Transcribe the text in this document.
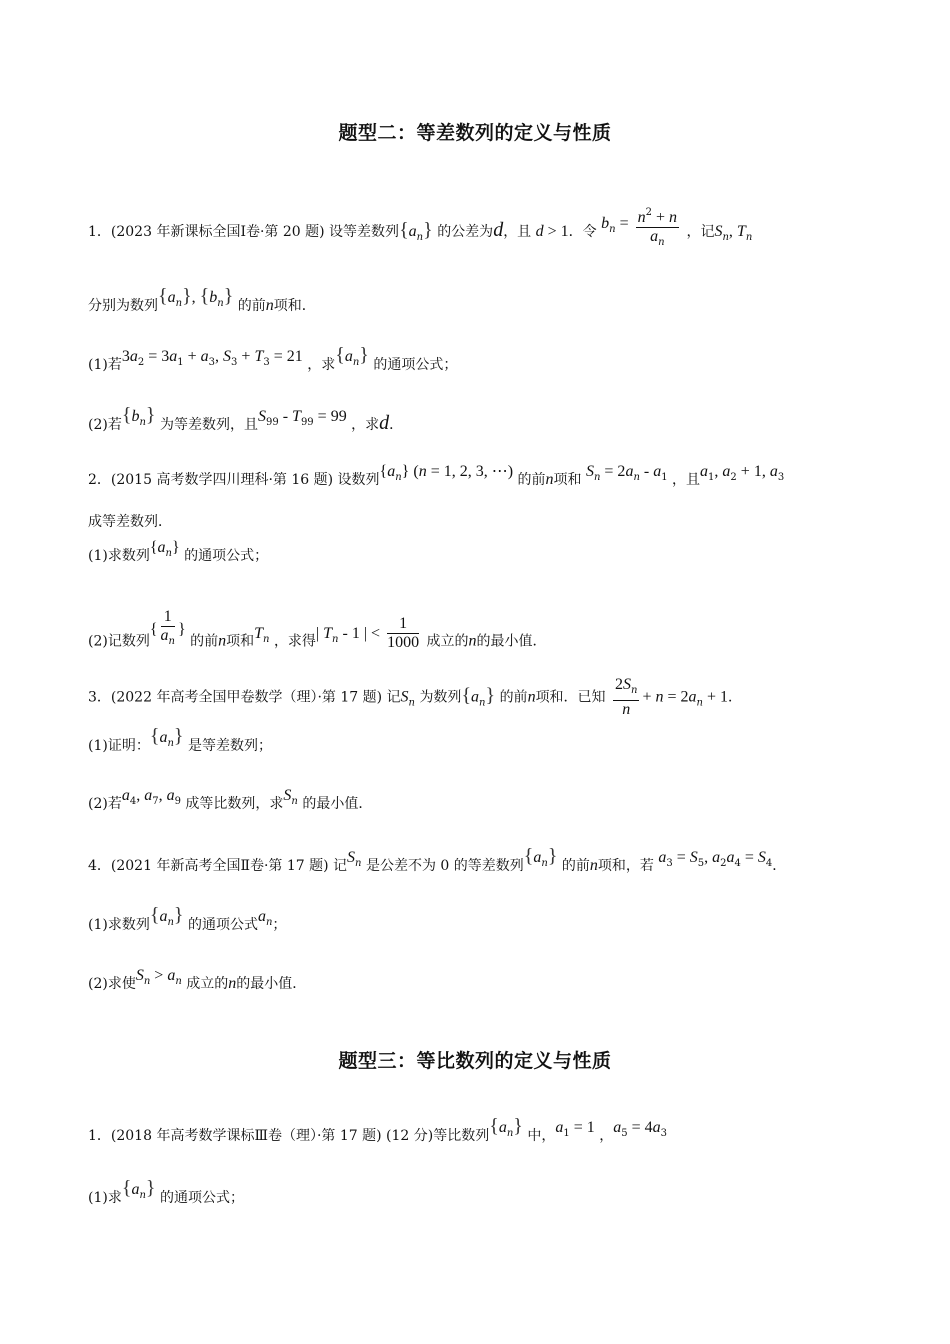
题型二：等差数列的定义与性质
1．(2023 年新课标全国Ⅰ卷·第 20 题) 设等差数列$\{a_n\}$ 的公差为d，且 d > 1．令 $b_n = \frac{n^2 + n}{a_n}$ ，记$S_n$, $T_n$
分别为数列$\{a_n\}$, $\{b_n\}$ 的前n项和．
(1)若$3a_2 = 3a_1 + a_3$, $S_3 + T_3 = 21$ ，求$\{a_n\}$ 的通项公式；
(2)若$\{b_n\}$ 为等差数列，且$S_{99} - T_{99} = 99$ ，求d．
2．(2015 高考数学四川理科·第 16 题) 设数列$\{a_n\} (n = 1$, 2, 3, ⋯) 的前n项和 $S_n = 2a_n - a_1$ ，且$a_1$, $a_2 + 1$, $a_3$
成等差数列．
(1)求数列$\{a_n\}$ 的通项公式；
(2)记数列{ $\frac{1}{a_n}$ } 的前n项和$T_n$ ，求得| $T_n - 1$ | < $\frac{1}{1000}$ 成立的n的最小值．
3．(2022 年高考全国甲卷数学（理）·第 17 题) 记$S_n$ 为数列$\{a_n\}$ 的前n项和．已知 $\frac{2S_n}{n} + n = 2a_n + 1$．
(1)证明：$\{a_n\}$ 是等差数列；
(2)若$a_4$, $a_7$, $a_9$ 成等比数列，求$S_n$ 的最小值．
4．(2021 年新高考全国Ⅱ卷·第 17 题) 记$S_n$ 是公差不为 0 的等差数列$\{a_n\}$ 的前n项和，若 $a_3 = S_5$, $a_2a_4 = S_4$．
(1)求数列$\{a_n\}$ 的通项公式$a_n$；
(2)求使$S_n > a_n$ 成立的n的最小值．
题型三：等比数列的定义与性质
1．(2018 年高考数学课标Ⅲ卷（理）·第 17 题) (12 分)等比数列$\{a_n\}$ 中，$a_1 = 1$ ，$a_5 = 4a_3$
(1)求$\{a_n\}$ 的通项公式；
